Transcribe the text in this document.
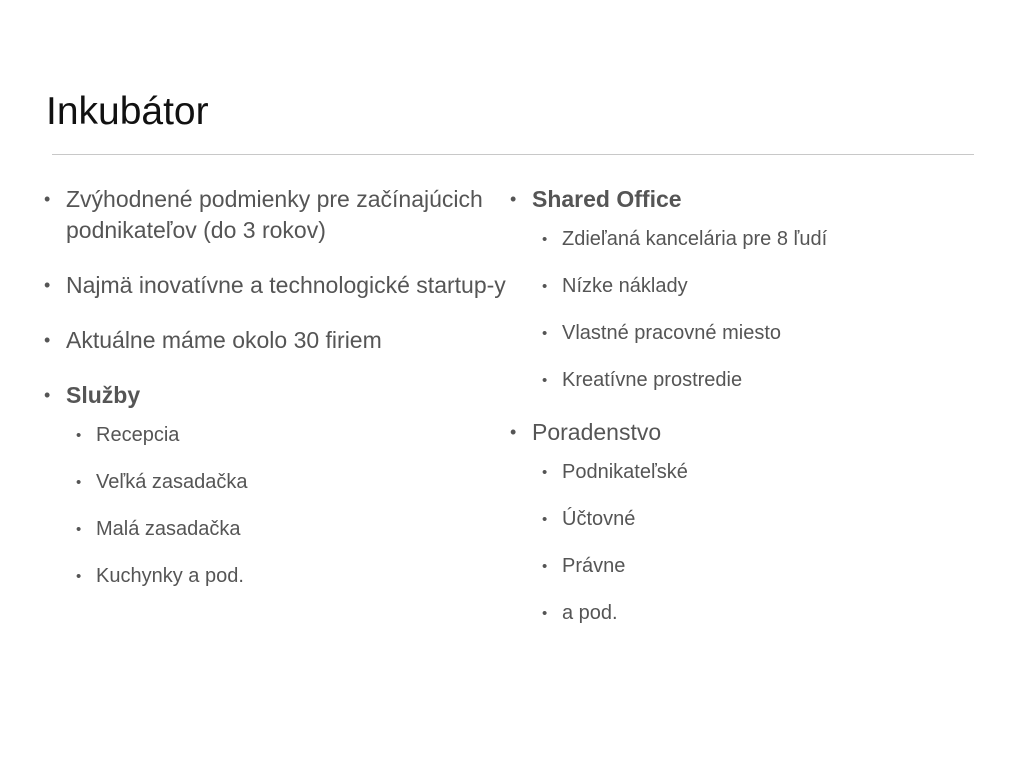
Inkubátor
• Zvýhodnené podmienky pre začínajúcich podnikateľov (do 3 rokov)
• Najmä inovatívne a technologické startup-y
• Aktuálne máme okolo 30 firiem
• Služby
• Recepcia
• Veľká zasadačka
• Malá zasadačka
• Kuchynky a pod.
• Shared Office
• Zdieľaná kancelária pre 8 ľudí
• Nízke náklady
• Vlastné pracovné miesto
• Kreatívne prostredie
• Poradenstvo
• Podnikateľské
• Účtovné
• Právne
• a pod.
